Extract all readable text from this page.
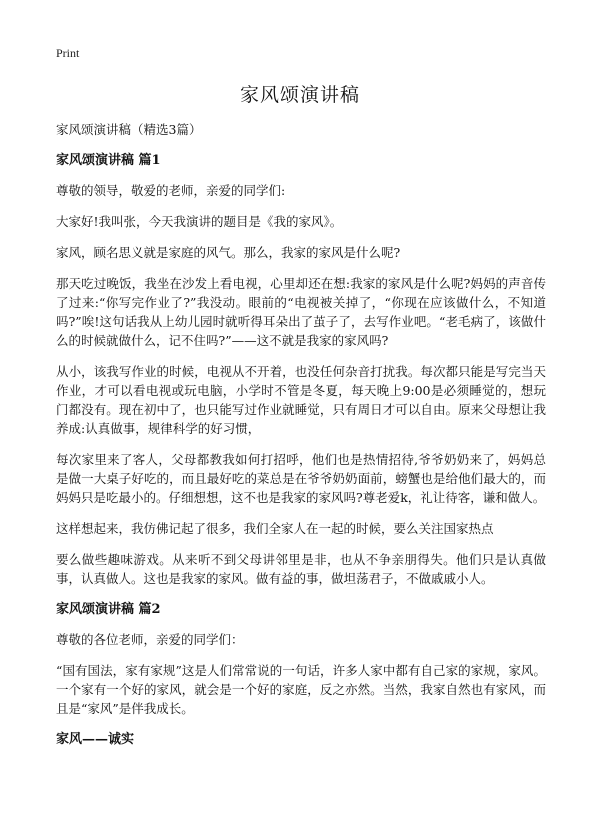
Print
家风颂演讲稿

家风颂演讲稿（精选3篇）

家风颂演讲稿 篇1

尊敬的领导，敬爱的老师，亲爱的同学们:

大家好!我叫张，今天我演讲的题目是《我的家风》。

家风，顾名思义就是家庭的风气。那么，我家的家风是什么呢?

那天吃过晚饭，我坐在沙发上看电视，心里却还在想:我家的家风是什么呢?妈妈的声音传了过来:“你写完作业了?”我没动。眼前的“电视被关掉了，“你现在应该做什么，不知道吗?”唉!这句话我从上幼儿园时就听得耳朵出了茧子了，去写作业吧。“老毛病了，该做什么的时候就做什么，记不住吗?”——这不就是我家的家风吗?

从小，该我写作业的时候，电视从不开着，也没任何杂音打扰我。每次都只能是写完当天作业，才可以看电视或玩电脑，小学时不管是冬夏，每天晚上9:00是必须睡觉的，想玩门都没有。现在初中了，也只能写过作业就睡觉，只有周日才可以自由。原来父母想让我养成:认真做事，规律科学的好习惯，

每次家里来了客人，父母都教我如何打招呼，他们也是热情招待,爷爷奶奶来了，妈妈总是做一大桌子好吃的，而且最好吃的菜总是在爷爷奶奶面前，螃蟹也是给他们最大的，而妈妈只是吃最小的。仔细想想，这不也是我家的家风吗?尊老爱k，礼让待客，谦和做人。

这样想起来，我仿佛记起了很多，我们全家人在一起的时候，要么关注国家热点

要么做些趣味游戏。从来听不到父母讲邻里是非，也从不争亲朋得失。他们只是认真做事，认真做人。这也是我家的家风。做有益的事，做坦荡君子，不做戚戚小人。

家风颂演讲稿 篇2

尊敬的各位老师，亲爱的同学们：

“国有国法，家有家规”这是人们常常说的一句话，许多人家中都有自己家的家规，家风。一个家有一个好的家风，就会是一个好的家庭，反之亦然。当然，我家自然也有家风，而且是“家风”是伴我成长。

家风——诚实
